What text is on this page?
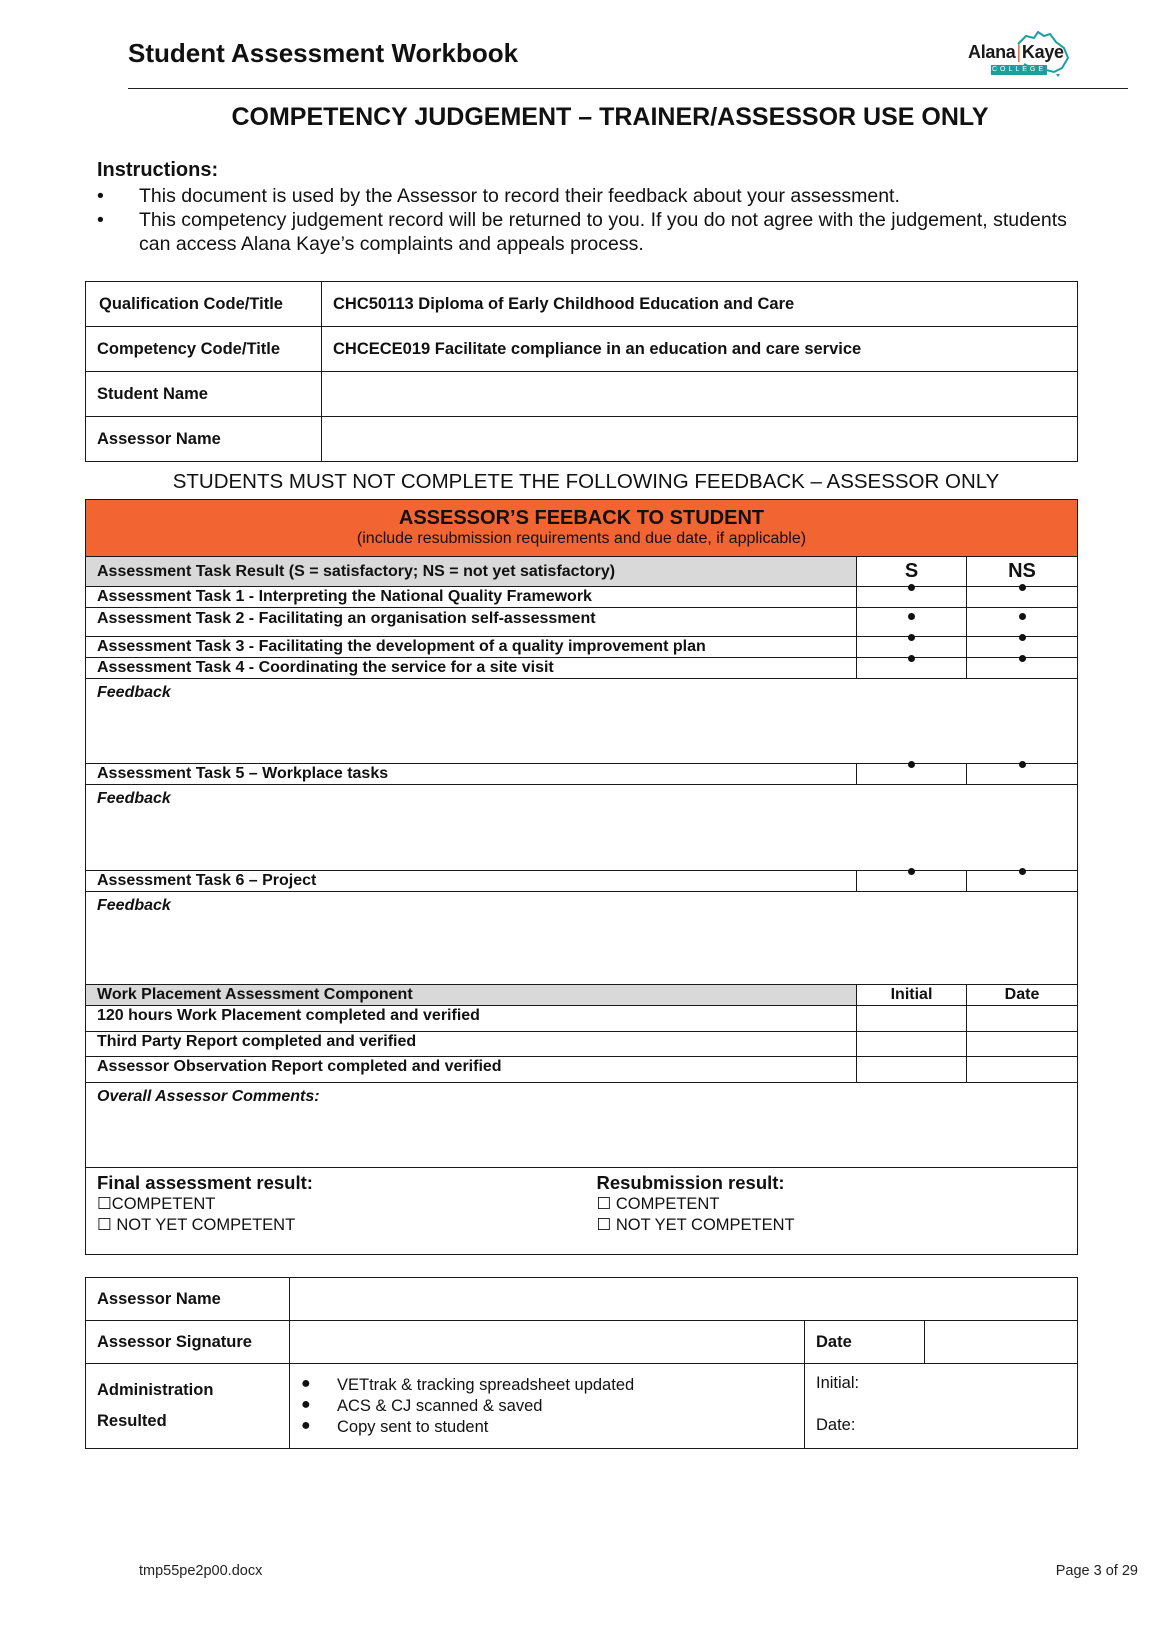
Student Assessment Workbook	Alana|Kaye
COLLEGE
COMPETENCY JUDGEMENT – TRAINER/ASSESSOR USE ONLY
Instructions:
• This document is used by the Assessor to record their feedback about your assessment.
• This competency judgement record will be returned to you. If you do not agree with the judgement, students can access Alana Kaye’s complaints and appeals process.
Qualification Code/Title	CHC50113 Diploma of Early Childhood Education and Care
Competency Code/Title	CHCECE019 Facilitate compliance in an education and care service
Student Name	
Assessor Name	
STUDENTS MUST NOT COMPLETE THE FOLLOWING FEEDBACK – ASSESSOR ONLY
ASSESSOR’S FEEBACK TO STUDENT
(include resubmission requirements and due date, if applicable)		

Assessment Task Result (S = satisfactory; NS = not yet satisfactory)	S	NS
Assessment Task 1 - Interpreting the National Quality Framework		
Assessment Task 2 - Facilitating an organisation self-assessment		
Assessment Task 3 - Facilitating the development of a quality improvement plan		
Assessment Task 4 - Coordinating the service for a site visit		
Feedback		
Assessment Task 5 – Workplace tasks		
Feedback		
Assessment Task 6 – Project		
Feedback		
Work Placement Assessment Component	Initial	Date
120 hours Work Placement completed and verified		
Third Party Report completed and verified		
Assessor Observation Report completed and verified		
Overall Assessor Comments:		

Final assessment result:
☐COMPETENT
☐ NOT YET COMPETENT

Resubmission result:
☐ COMPETENT
☐ NOT YET COMPETENT
Assessor Name			
Assessor Signature		Date	

Administration
Resulted

● VETtrak & tracking spreadsheet updated
● ACS & CJ scanned & saved
● Copy sent to student

Initial:
Date:
tmp55pe2p00.docx	Page 3 of 29
